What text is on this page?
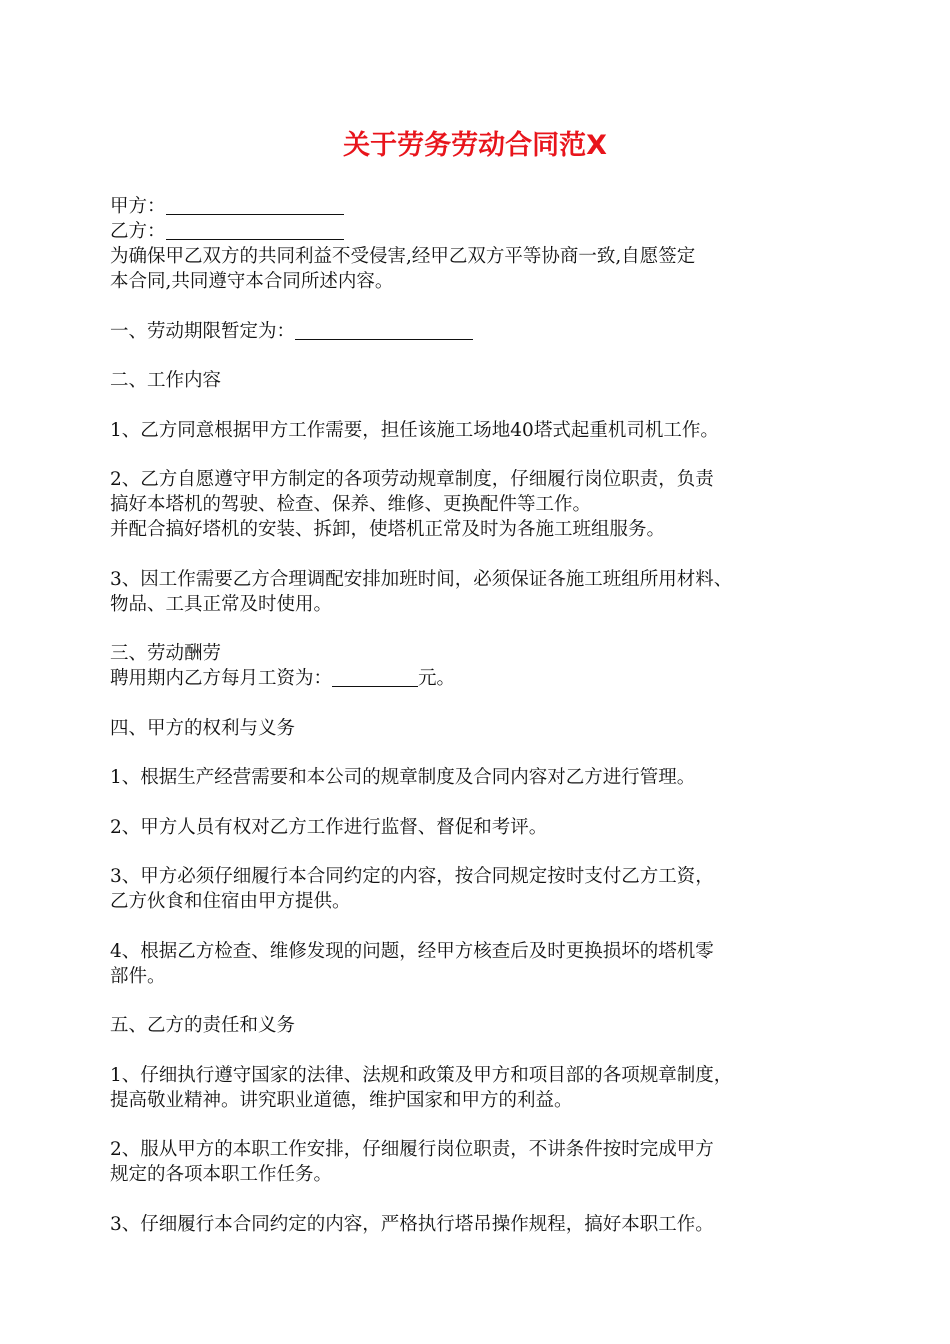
关于劳务劳动合同范X
甲方：
乙方：
为确保甲乙双方的共同利益不受侵害,经甲乙双方平等协商一致,自愿签定
本合同,共同遵守本合同所述内容。
一、劳动期限暂定为：
二、工作内容
1、乙方同意根据甲方工作需要，担任该施工场地40塔式起重机司机工作。
2、乙方自愿遵守甲方制定的各项劳动规章制度，仔细履行岗位职责，负责
搞好本塔机的驾驶、检查、保养、维修、更换配件等工作。
并配合搞好塔机的安装、拆卸，使塔机正常及时为各施工班组服务。
3、因工作需要乙方合理调配安排加班时间，必须保证各施工班组所用材料、
物品、工具正常及时使用。
三、劳动酬劳
聘用期内乙方每月工资为：	元。
四、甲方的权利与义务
1、根据生产经营需要和本公司的规章制度及合同内容对乙方进行管理。
2、甲方人员有权对乙方工作进行监督、督促和考评。
3、甲方必须仔细履行本合同约定的内容，按合同规定按时支付乙方工资，
乙方伙食和住宿由甲方提供。
4、根据乙方检查、维修发现的问题，经甲方核查后及时更换损坏的塔机零
部件。
五、乙方的责任和义务
1、仔细执行遵守国家的法律、法规和政策及甲方和项目部的各项规章制度，
提高敬业精神。讲究职业道德，维护国家和甲方的利益。
2、服从甲方的本职工作安排，仔细履行岗位职责，不讲条件按时完成甲方
规定的各项本职工作任务。
3、仔细履行本合同约定的内容，严格执行塔吊操作规程，搞好本职工作。
